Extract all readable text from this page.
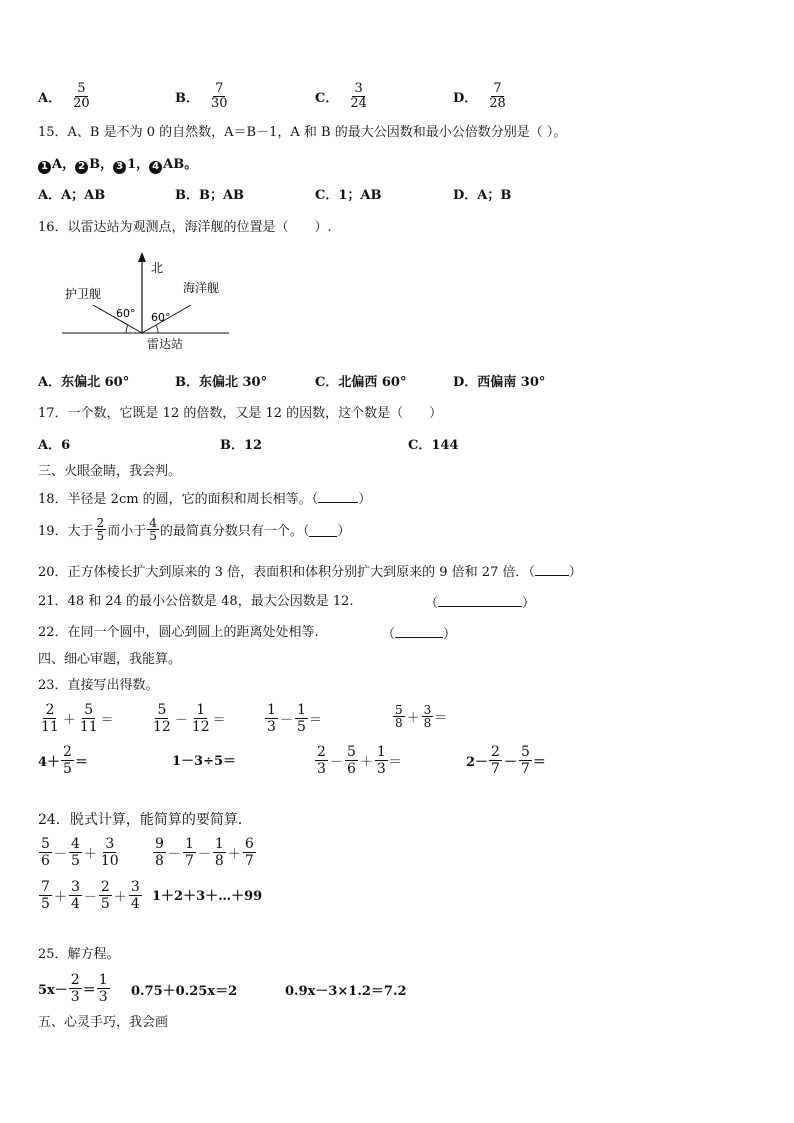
A． $\frac{5}{20}$	B． $\frac{7}{30}$	C． $\frac{3}{24}$	D． $\frac{7}{28}$
15．A、B 是不为 0 的自然数，A＝B－1，A 和 B 的最大公因数和最小公倍数分别是（ ）。
1 A， 2 B， 3 1， 4 AB。
A．A；AB	B．B；AB	C．1；AB	D．A；B
16．以雷达站为观测点，海洋舰的位置是（　　）.
北
护卫舰	海洋舰
60° 60°
雷达站
A．东偏北 60°	B．东偏北 30°	C．北偏西 60°	D．西偏南 30°
17．一个数，它既是 12 的倍数，又是 12 的因数，这个数是（　　）
A．6	B．12	C．144
三、火眼金睛，我会判。
18．半径是 2cm 的圆，它的面积和周长相等。（	）
19．大于 $\frac{2}{5}$ 而小于 $\frac{4}{5}$ 的最简真分数只有一个。（ ）
20．正方体棱长扩大到原来的 3 倍，表面积和体积分别扩大到原来的 9 倍和 27 倍．（	）
21．48 和 24 的最小公倍数是 48，最大公因数是 12.	（	）
22．在同一个圆中，圆心到圆上的距离处处相等.	（	）
四、细心审题，我能算。
23．直接写出得数。
$\frac{2}{11} + \frac{5}{11}$ ＝	$\frac{5}{12} - \frac{1}{12}$ ＝	$\frac{1}{3} - \frac{1}{5}$ ＝	$\frac{5}{8} + \frac{3}{8}$ ＝
$4+ \frac{2}{5}$ ＝	1－3÷5＝	$\frac{2}{3} - \frac{5}{6} + \frac{1}{3}$ ＝	$2- \frac{2}{7} - \frac{5}{7}$ ＝
24．脱式计算，能简算的要简算．
$\frac{5}{6} - \frac{4}{5} + \frac{3}{10} \frac{9}{8} - \frac{1}{7} - \frac{1}{8} + \frac{6}{7}$
$\frac{7}{5} + \frac{3}{4} - \frac{2}{5} + \frac{3}{4}$ 1＋2＋3＋…＋99
25．解方程。
$5x- \frac{2}{3} = \frac{1}{3} 0.75+0.25x=2$	0.9x－3×1.2＝7.2
五、心灵手巧，我会画
